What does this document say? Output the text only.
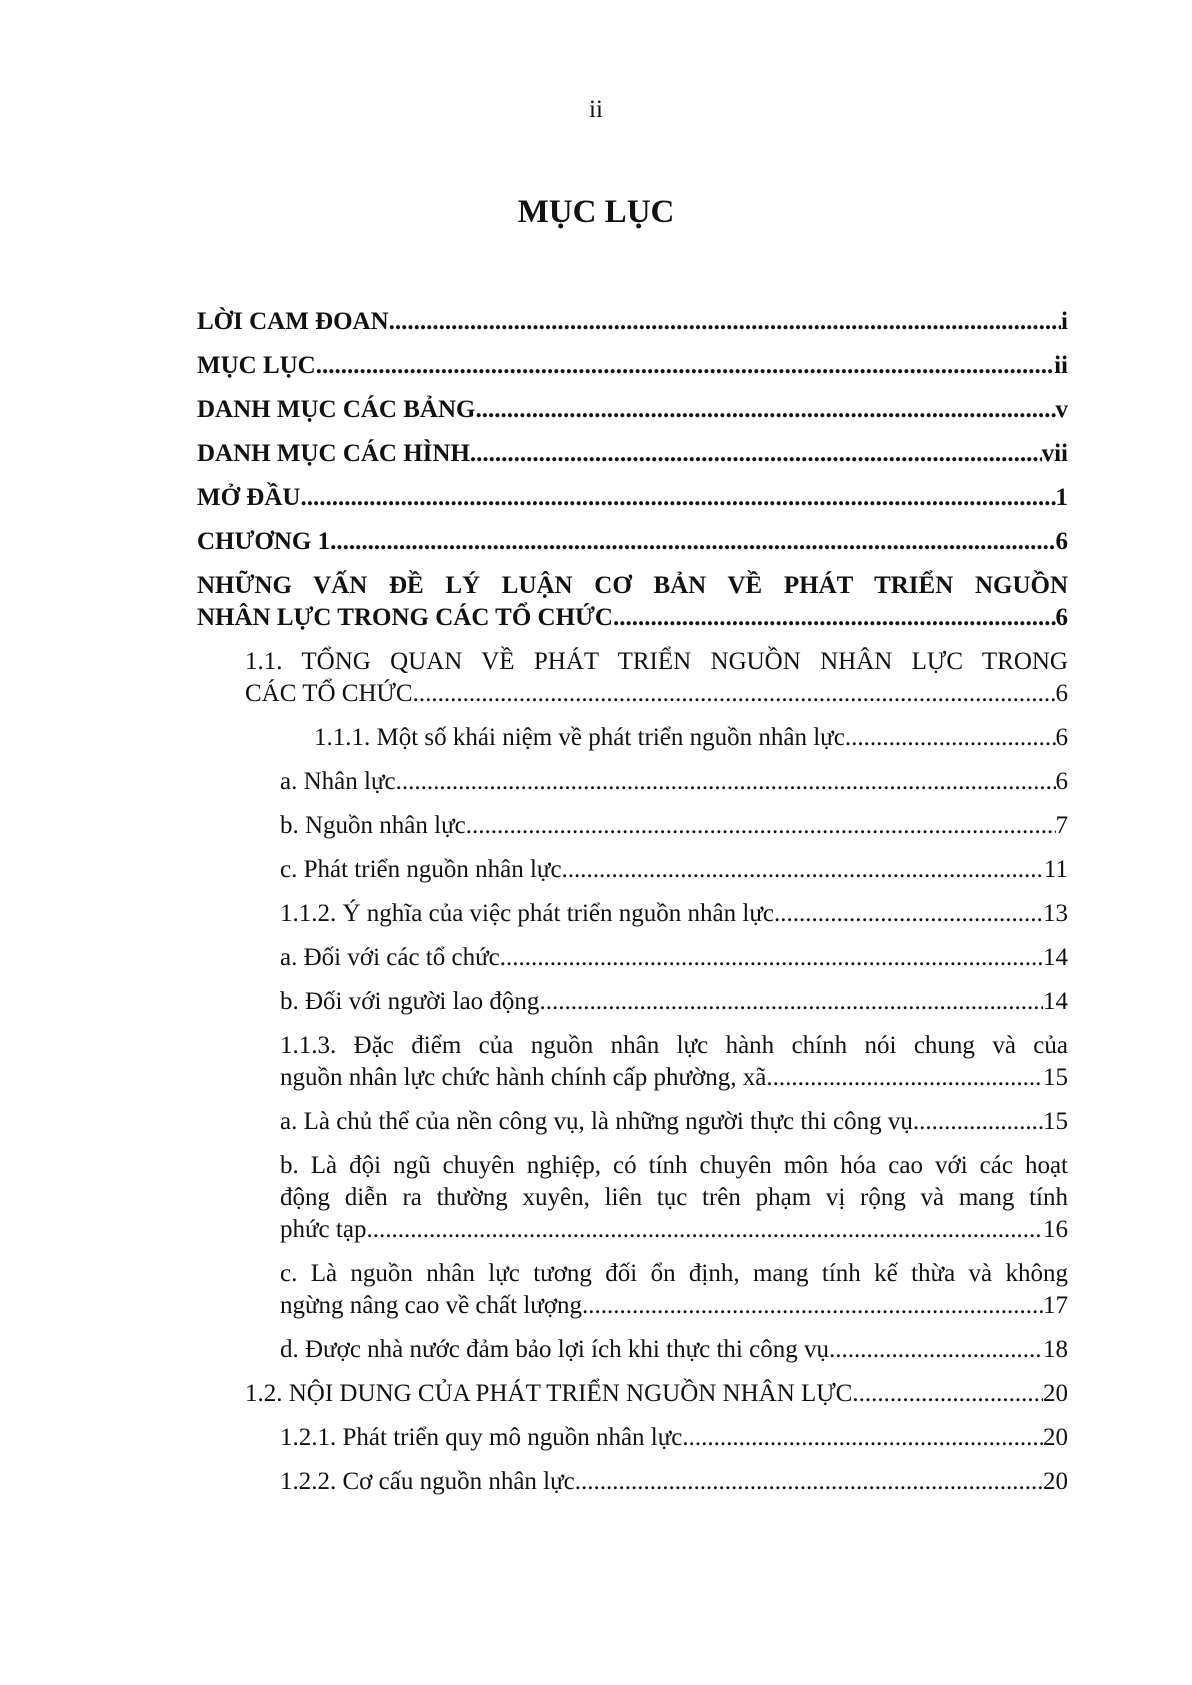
ii
MỤC LỤC
LỜI CAM ĐOAN .....	i
MỤC LỤC .....	ii
DANH MỤC CÁC BẢNG .....	v
DANH MỤC CÁC HÌNH .....	vii
MỞ ĐẦU .....	1
CHƯƠNG 1 .....	6
NHỮNG VẤN ĐỀ LÝ LUẬN CƠ BẢN VỀ PHÁT TRIỂN NGUỒN
NHÂN LỰC TRONG CÁC TỔ CHỨC .....	6
1.1. TỔNG QUAN VỀ PHÁT TRIỂN NGUỒN NHÂN LỰC TRONG
CÁC TỔ CHỨC .....	6
1.1.1. Một số khái niệm về phát triển nguồn nhân lực .....	6
a. Nhân lực .....	6
b. Nguồn nhân lực .....	7
c. Phát triển nguồn nhân lực .....	11
1.1.2. Ý nghĩa của việc phát triển nguồn nhân lực .....	13
a. Đối với các tổ chức .....	14
b. Đối với người lao động .....	14
1.1.3. Đặc điểm của nguồn nhân lực hành chính nói chung và của
nguồn nhân lực chức hành chính cấp phường, xã .....	15
a. Là chủ thể của nền công vụ, là những người thực thi công vụ .....	15
b. Là đội ngũ chuyên nghiệp, có tính chuyên môn hóa cao với các hoạt
động diễn ra thường xuyên, liên tục trên phạm vị rộng và mang tính
phức tạp .....	16
c. Là nguồn nhân lực tương đối ổn định, mang tính kế thừa và không
ngừng nâng cao về chất lượng .....	17
d. Được nhà nước đảm bảo lợi ích khi thực thi công vụ .....	18
1.2. NỘI DUNG CỦA PHÁT TRIỂN NGUỒN NHÂN LỰC .....	20
1.2.1. Phát triển quy mô nguồn nhân lực .....	20
1.2.2. Cơ cấu nguồn nhân lực .....	20
